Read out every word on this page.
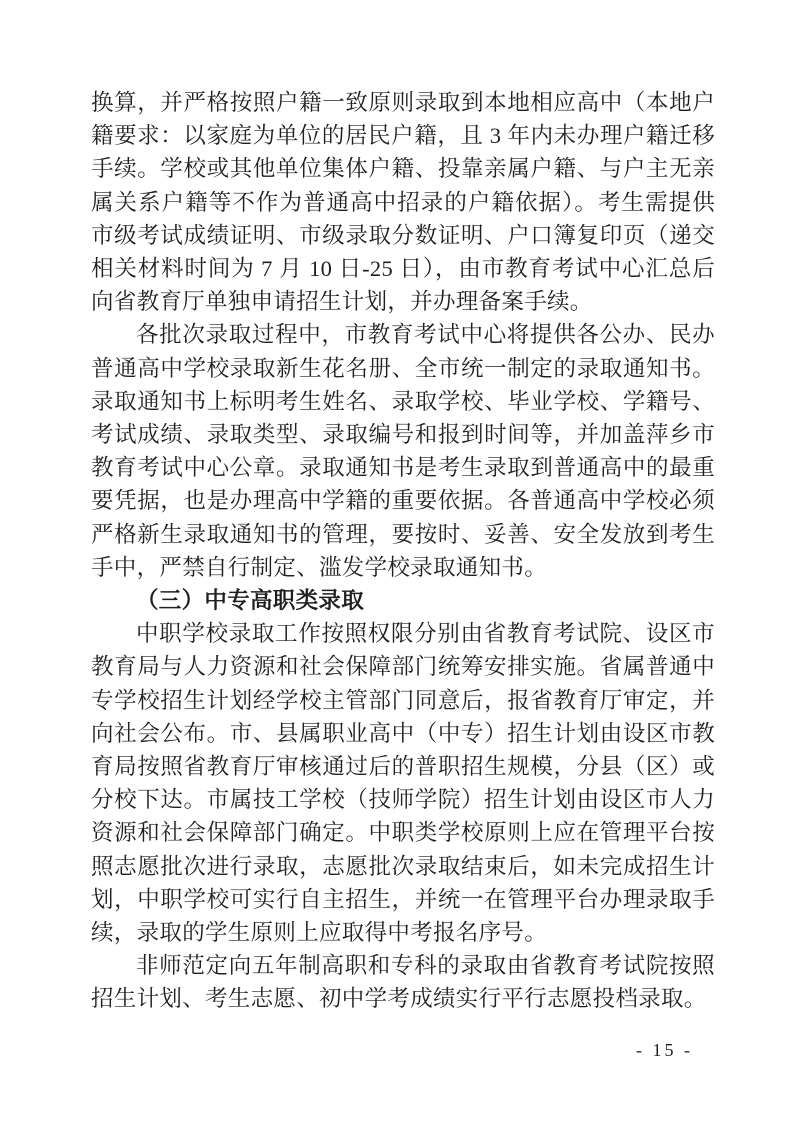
换算，并严格按照户籍一致原则录取到本地相应高中（本地户籍要求：以家庭为单位的居民户籍，且 3 年内未办理户籍迁移手续。学校或其他单位集体户籍、投靠亲属户籍、与户主无亲属关系户籍等不作为普通高中招录的户籍依据）。考生需提供市级考试成绩证明、市级录取分数证明、户口簿复印页（递交相关材料时间为 7 月 10 日-25 日），由市教育考试中心汇总后向省教育厅单独申请招生计划，并办理备案手续。

各批次录取过程中，市教育考试中心将提供各公办、民办普通高中学校录取新生花名册、全市统一制定的录取通知书。录取通知书上标明考生姓名、录取学校、毕业学校、学籍号、考试成绩、录取类型、录取编号和报到时间等，并加盖萍乡市教育考试中心公章。录取通知书是考生录取到普通高中的最重要凭据，也是办理高中学籍的重要依据。各普通高中学校必须严格新生录取通知书的管理，要按时、妥善、安全发放到考生手中，严禁自行制定、滥发学校录取通知书。

（三）中专高职类录取

中职学校录取工作按照权限分别由省教育考试院、设区市教育局与人力资源和社会保障部门统筹安排实施。省属普通中专学校招生计划经学校主管部门同意后，报省教育厅审定，并向社会公布。市、县属职业高中（中专）招生计划由设区市教育局按照省教育厅审核通过后的普职招生规模，分县（区）或分校下达。市属技工学校（技师学院）招生计划由设区市人力资源和社会保障部门确定。中职类学校原则上应在管理平台按照志愿批次进行录取，志愿批次录取结束后，如未完成招生计划，中职学校可实行自主招生，并统一在管理平台办理录取手续，录取的学生原则上应取得中考报名序号。

非师范定向五年制高职和专科的录取由省教育考试院按照招生计划、考生志愿、初中学考成绩实行平行志愿投档录取。

- 15 -
